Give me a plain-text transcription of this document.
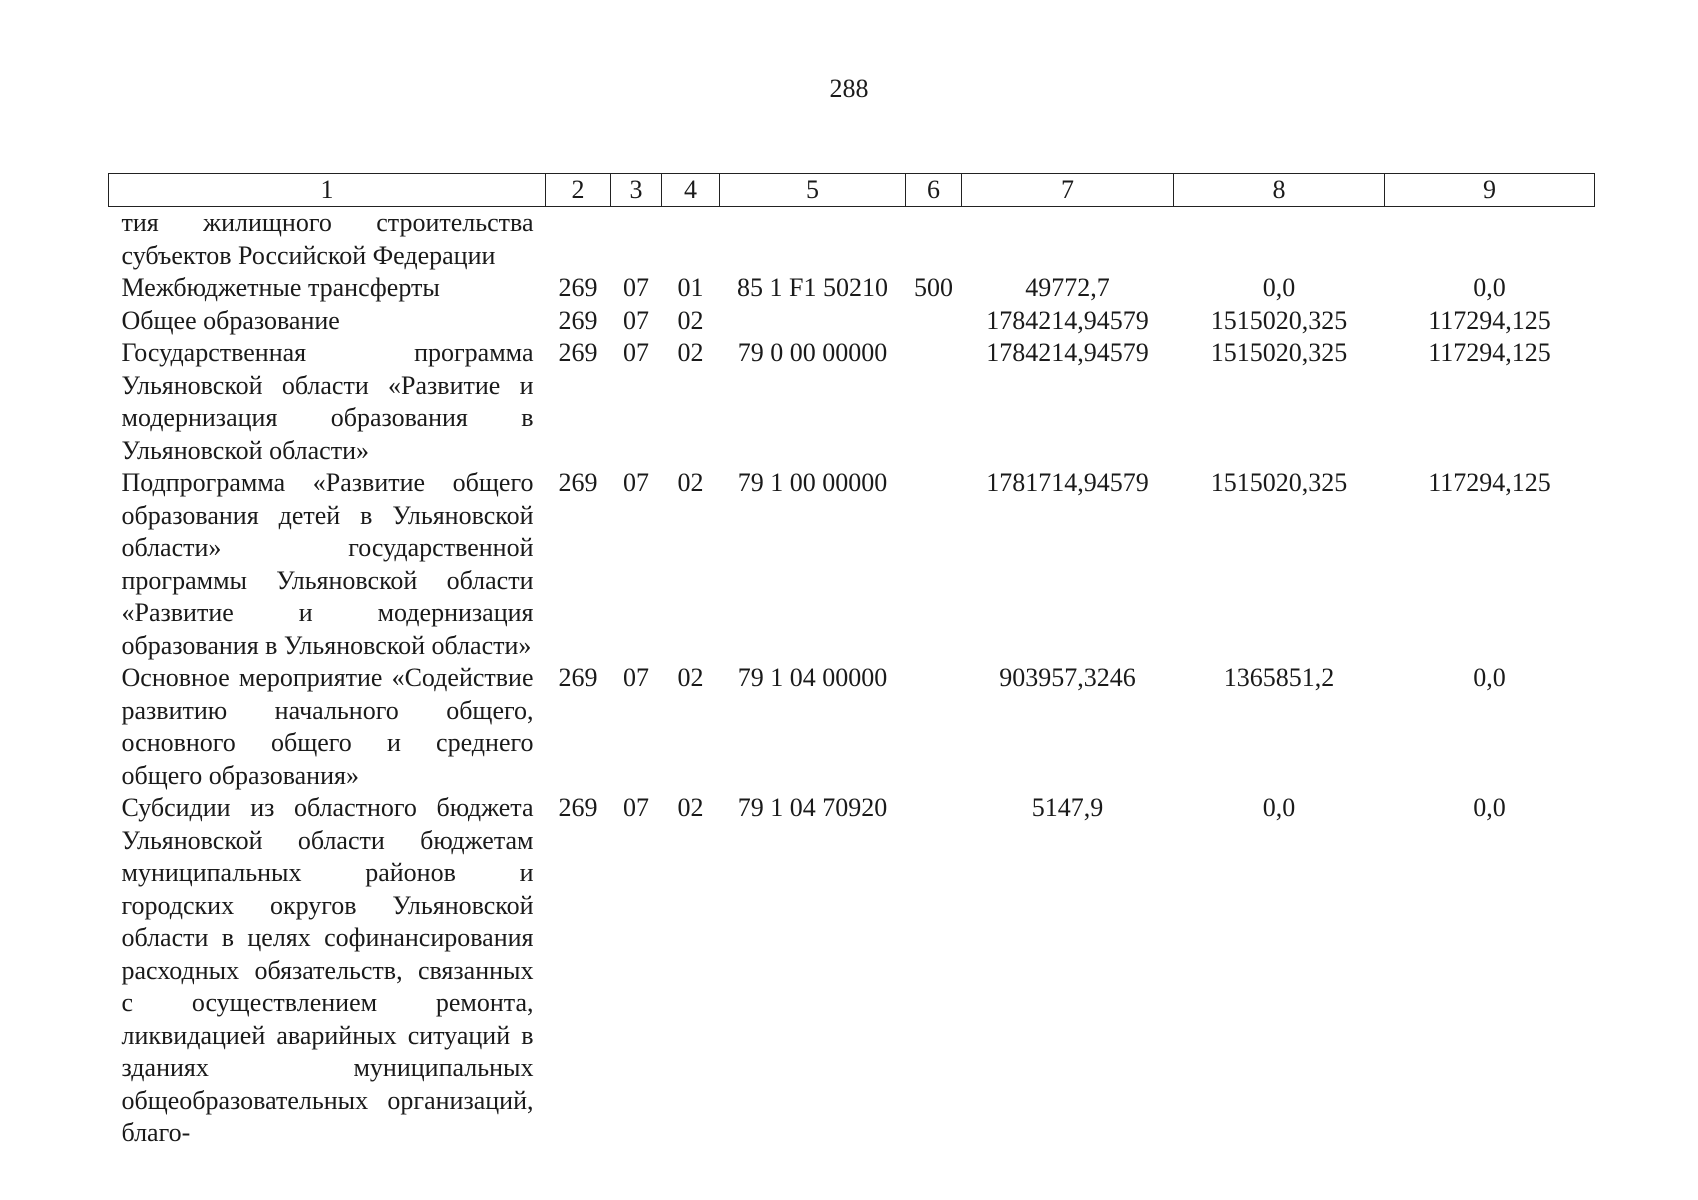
288
1	2	3	4	5	6	7	8	9
тия жилищного строительства субъектов Российской Федерации								
Межбюджетные трансферты	269	07	01	85 1 F1 50210	500	49772,7	0,0	0,0
Общее образование	269	07	02			1784214,94579	1515020,325	117294,125
Государственная программа Ульяновской области «Развитие и модернизация образования в Ульяновской области»	269	07	02	79 0 00 00000		1784214,94579	1515020,325	117294,125
Подпрограмма «Развитие общего образования детей в Ульяновской области» государственной программы Ульяновской области «Развитие и модернизация образования в Ульяновской области»	269	07	02	79 1 00 00000		1781714,94579	1515020,325	117294,125
Основное мероприятие «Содействие развитию начального общего, основного общего и среднего общего образования»	269	07	02	79 1 04 00000		903957,3246	1365851,2	0,0
Субсидии из областного бюджета Ульяновской области бюджетам муниципальных районов и городских округов Ульяновской области в целях софинансирования расходных обязательств, связанных с осуществлением ремонта, ликвидацией аварийных ситуаций в зданиях муниципальных общеобразовательных организаций, благо-	269	07	02	79 1 04 70920		5147,9	0,0	0,0
